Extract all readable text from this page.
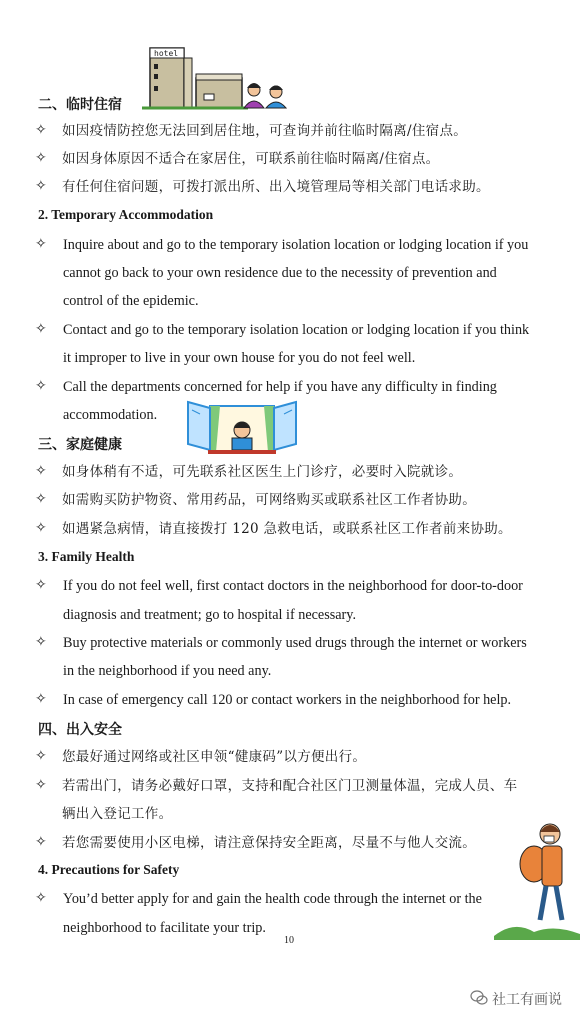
二、临时住宿
✧ 如因疫情防控您无法回到居住地，可查询并前往临时隔离/住宿点。
✧ 如因身体原因不适合在家居住，可联系前往临时隔离/住宿点。
✧ 有任何住宿问题，可拨打派出所、出入境管理局等相关部门电话求助。
2. Temporary Accommodation
✧ Inquire about and go to the temporary isolation location or lodging location if you
cannot go back to your own residence due to the necessity of prevention and
control of the epidemic.
✧ Contact and go to the temporary isolation location or lodging location if you think
it improper to live in your own house for you do not feel well.
✧ Call the departments concerned for help if you have any difficulty in finding
accommodation.
三、家庭健康
✧ 如身体稍有不适，可先联系社区医生上门诊疗，必要时入院就诊。
✧ 如需购买防护物资、常用药品，可网络购买或联系社区工作者协助。
✧ 如遇紧急病情，请直接拨打 120 急救电话，或联系社区工作者前来协助。
3. Family Health
✧ If you do not feel well, first contact doctors in the neighborhood for door-to-door
diagnosis and treatment; go to hospital if necessary.
✧ Buy protective materials or commonly used drugs through the internet or workers
in the neighborhood if you need any.
✧ In case of emergency call 120 or contact workers in the neighborhood for help.
四、出入安全
✧ 您最好通过网络或社区申领“健康码”以方便出行。
✧ 若需出门，请务必戴好口罩，支持和配合社区门卫测量体温，完成人员、车
辆出入登记工作。
✧ 若您需要使用小区电梯，请注意保持安全距离，尽量不与他人交流。
4. Precautions for Safety
✧ You’d better apply for and gain the health code through the internet or the
neighborhood to facilitate your trip.
10
hotel
社工有画说
